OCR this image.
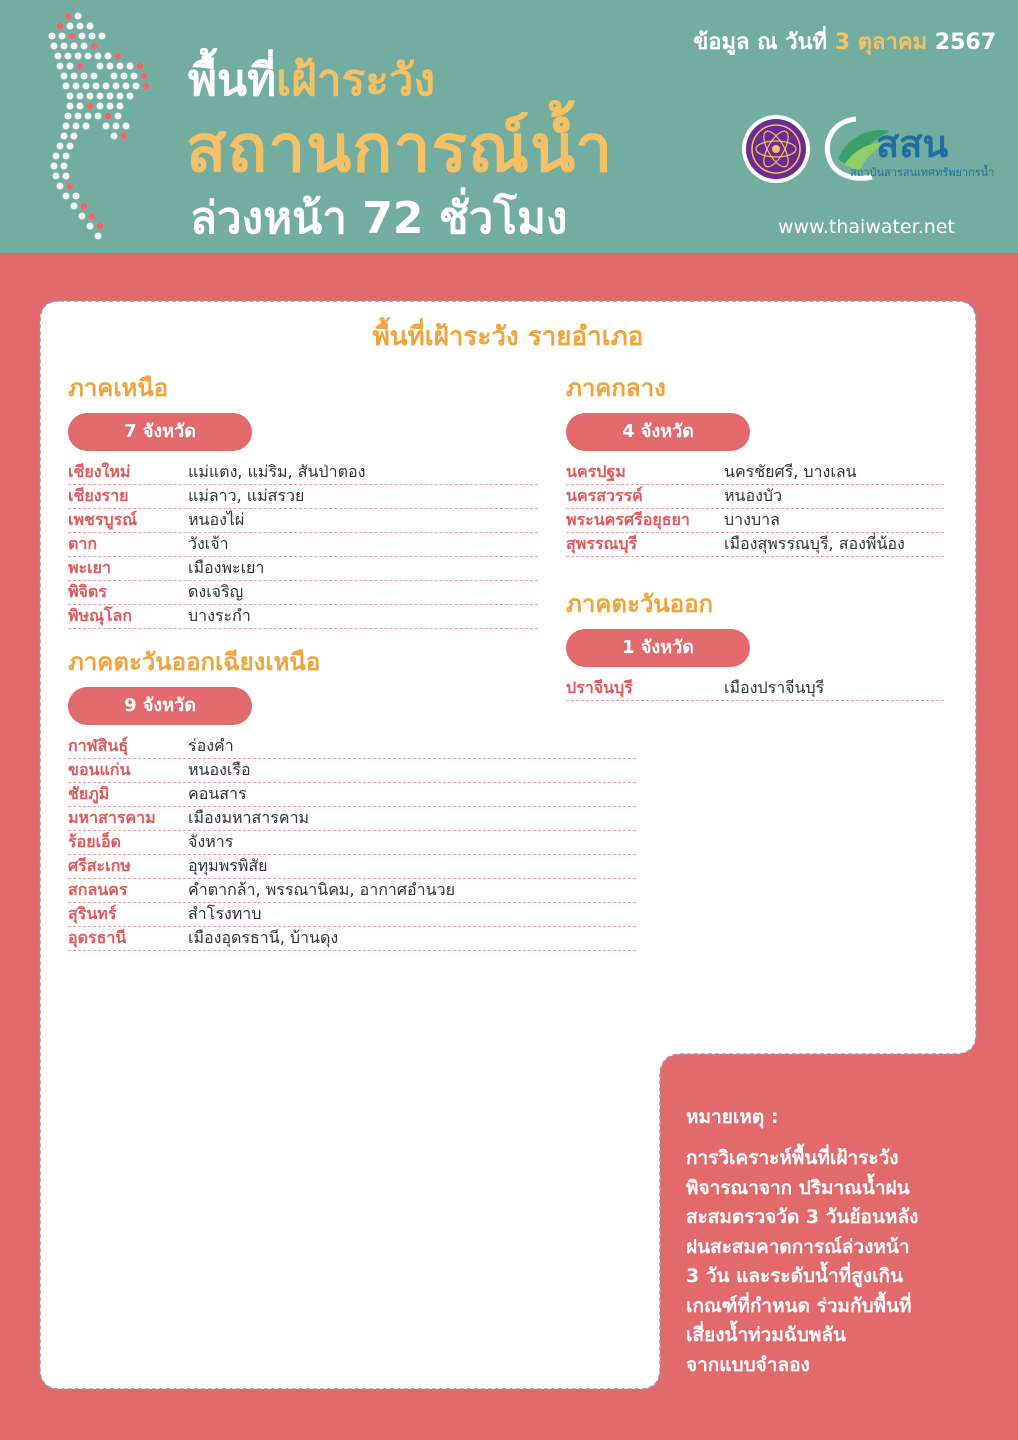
พื้นที่เฝ้าระวัง
สถานการณ์น้ำ
ล่วงหน้า 72 ชั่วโมง
ข้อมูล ณ วันที่ 3 ตุลาคม 2567
สสน
สถาบันสารสนเทศทรัพยากรน้ำ
www.thaiwater.net
พื้นที่เฝ้าระวัง รายอำเภอ
ภาคเหนือ
7 จังหวัด
เชียงใหม่	แม่แตง, แม่ริม, สันป่าตอง
เชียงราย	แม่ลาว, แม่สรวย
เพชรบูรณ์	หนองไผ่
ตาก	วังเจ้า
พะเยา	เมืองพะเยา
พิจิตร	ดงเจริญ
พิษณุโลก	บางระกำ
ภาคตะวันออกเฉียงเหนือ
9 จังหวัด
กาฬสินธุ์	ร่องคำ
ขอนแก่น	หนองเรือ
ชัยภูมิ	คอนสาร
มหาสารคาม	เมืองมหาสารคาม
ร้อยเอ็ด	จังหาร
ศรีสะเกษ	อุทุมพรพิสัย
สกลนคร	คำตากล้า, พรรณานิคม, อากาศอำนวย
สุรินทร์	สำโรงทาบ
อุดรธานี	เมืองอุดรธานี, บ้านดุง
ภาคกลาง
4 จังหวัด
นครปฐม	นครชัยศรี, บางเลน
นครสวรรค์	หนองบัว
พระนครศรีอยุธยา	บางบาล
สุพรรณบุรี	เมืองสุพรรณบุรี, สองพี่น้อง
ภาคตะวันออก
1 จังหวัด
ปราจีนบุรี	เมืองปราจีนบุรี
หมายเหตุ :
การวิเคราะห์พื้นที่เฝ้าระวัง
พิจารณาจาก ปริมาณน้ำฝน
สะสมตรวจวัด 3 วันย้อนหลัง
ฝนสะสมคาดการณ์ล่วงหน้า
3 วัน และระดับน้ำที่สูงเกิน
เกณฑ์ที่กำหนด ร่วมกับพื้นที่
เสี่ยงน้ำท่วมฉับพลัน
จากแบบจำลอง
